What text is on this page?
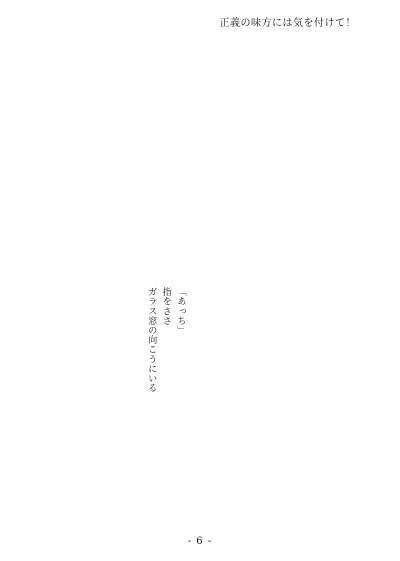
正義の味方には気を付けて！

「あっち」

指をささ

ガラス窓の向こうにいる

- 6 -
